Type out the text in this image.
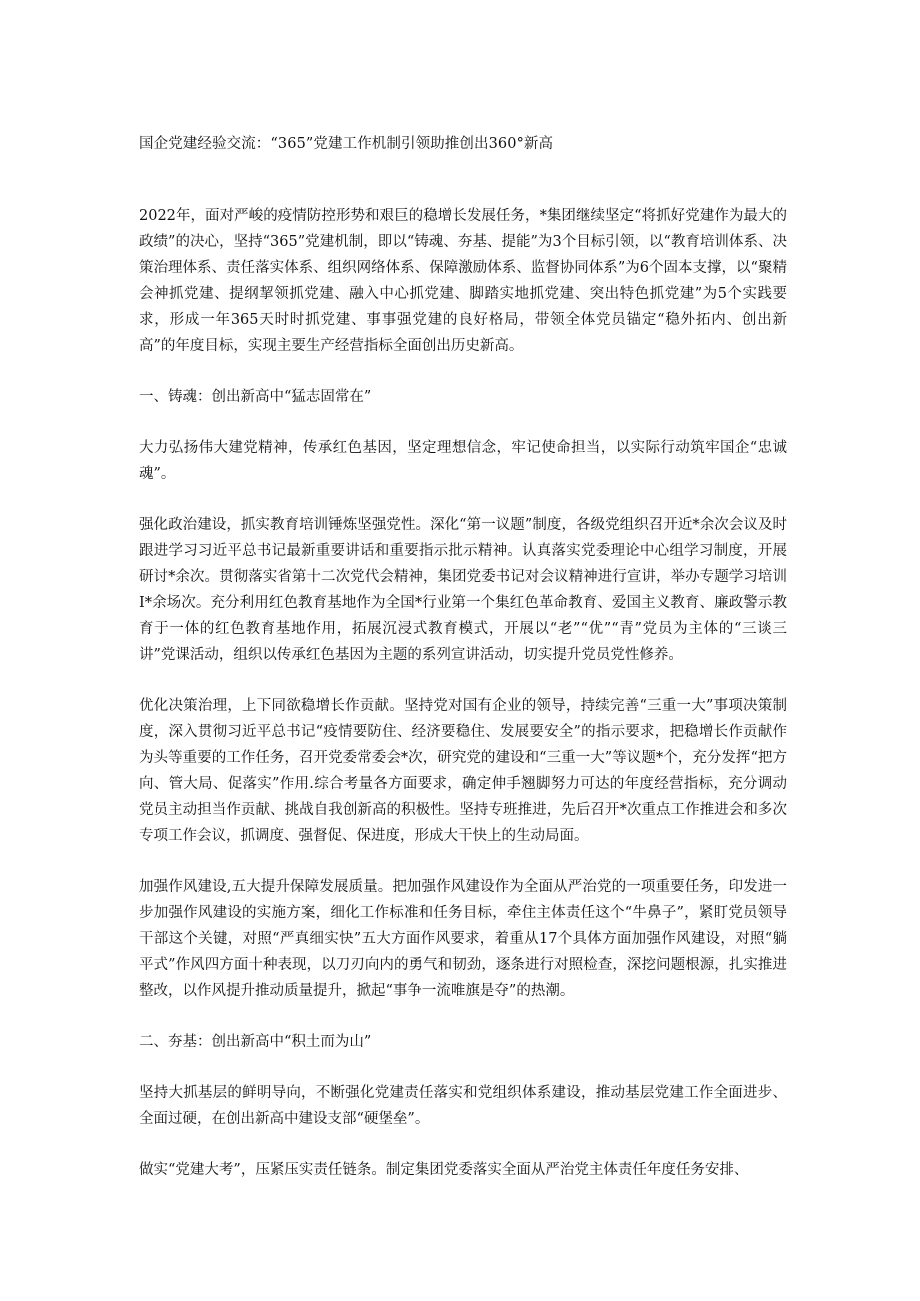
国企党建经验交流：“365”党建工作机制引领助推创出360°新高

2022年，面对严峻的疫情防控形势和艰巨的稳增长发展任务，*集团继续坚定“将抓好党建作为最大的政绩”的决心，坚持“365”党建机制，即以“铸魂、夯基、提能”为3个目标引领，以“教育培训体系、决策治理体系、责任落实体系、组织网络体系、保障激励体系、监督协同体系”为6个固本支撑，以“聚精会神抓党建、提纲挈领抓党建、融入中心抓党建、脚踏实地抓党建、突出特色抓党建”为5个实践要求，形成一年365天时时抓党建、事事强党建的良好格局，带领全体党员锚定“稳外拓内、创出新高”的年度目标，实现主要生产经营指标全面创出历史新高。

一、铸魂：创出新高中“猛志固常在”

大力弘扬伟大建党精神，传承红色基因，坚定理想信念，牢记使命担当，以实际行动筑牢国企“忠诚魂”。

强化政治建设，抓实教育培训锤炼坚强党性。深化“第一议题”制度，各级党组织召开近*余次会议及时跟进学习习近平总书记最新重要讲话和重要指示批示精神。认真落实党委理论中心组学习制度，开展研讨*余次。贯彻落实省第十二次党代会精神，集团党委书记对会议精神进行宣讲，举办专题学习培训I*余场次。充分利用红色教育基地作为全国*行业第一个集红色革命教育、爱国主义教育、廉政警示教育于一体的红色教育基地作用，拓展沉浸式教育模式，开展以“老”“优”“青”党员为主体的“三谈三讲”党课活动，组织以传承红色基因为主题的系列宣讲活动，切实提升党员党性修养。

优化决策治理，上下同欲稳增长作贡献。坚持党对国有企业的领导，持续完善“三重一大”事项决策制度，深入贯彻习近平总书记“疫情要防住、经济要稳住、发展要安全”的指示要求，把稳增长作贡献作为头等重要的工作任务，召开党委常委会*次，研究党的建设和“三重一大”等议题*个，充分发挥“把方向、管大局、促落实”作用.综合考量各方面要求，确定伸手翘脚努力可达的年度经营指标，充分调动党员主动担当作贡献、挑战自我创新高的积极性。坚持专班推进，先后召开*次重点工作推进会和多次专项工作会议，抓调度、强督促、保进度，形成大干快上的生动局面。

加强作风建设,五大提升保障发展质量。把加强作风建设作为全面从严治党的一项重要任务，印发进一步加强作风建设的实施方案，细化工作标准和任务目标，牵住主体责任这个“牛鼻子”，紧盯党员领导干部这个关键，对照“严真细实快”五大方面作风要求，着重从17个具体方面加强作风建设，对照“躺平式”作风四方面十种表现，以刀刃向内的勇气和韧劲，逐条进行对照检查，深挖问题根源，扎实推进整改，以作风提升推动质量提升，掀起“事争一流唯旗是夺”的热潮。

二、夯基：创出新高中“积土而为山”

坚持大抓基层的鲜明导向，不断强化党建责任落实和党组织体系建设，推动基层党建工作全面进步、全面过硬，在创出新高中建设支部“硬堡垒”。

做实“党建大考”，压紧压实责任链条。制定集团党委落实全面从严治党主体责任年度任务安排、
